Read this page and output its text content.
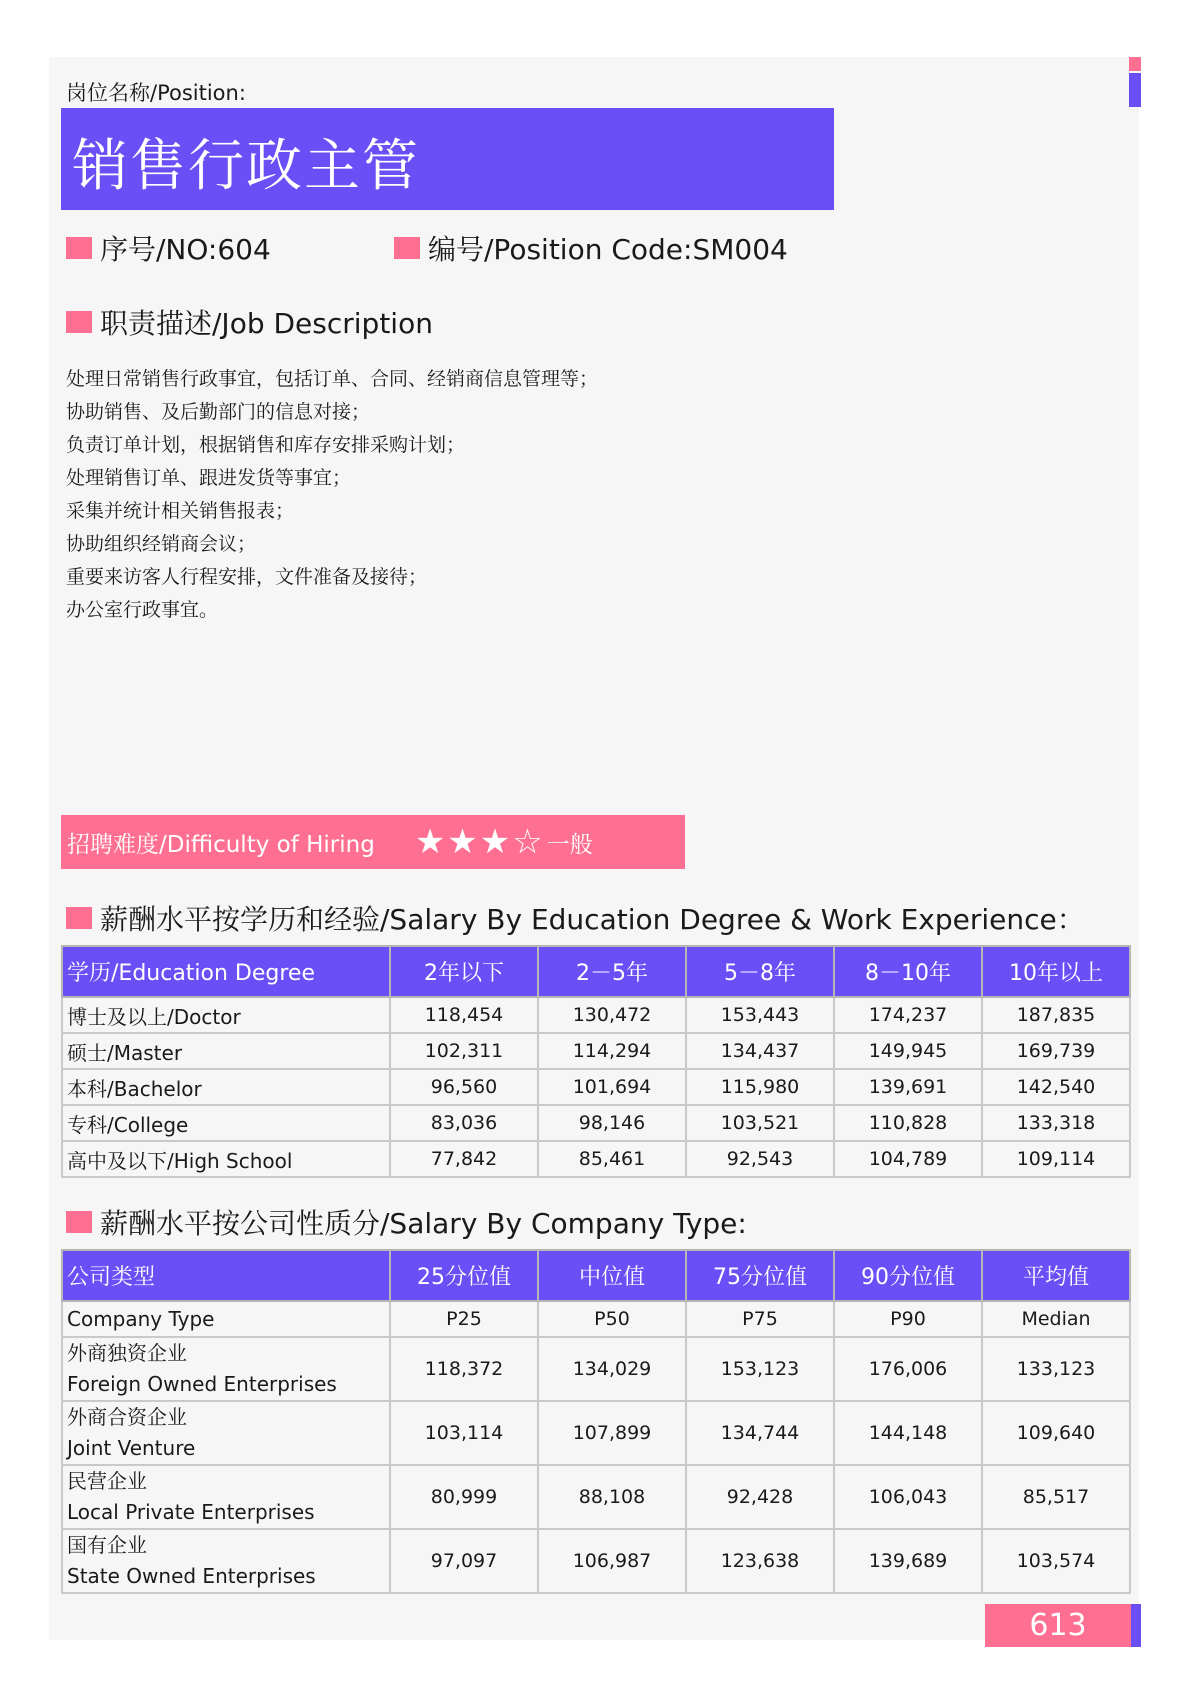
岗位名称/Position:
销售行政主管
序号/NO:604	编号/Position Code:SM004
职责描述/Job Description
处理日常销售行政事宜，包括订单、合同、经销商信息管理等；
协助销售、及后勤部门的信息对接；
负责订单计划，根据销售和库存安排采购计划；
处理销售订单、跟进发货等事宜；
采集并统计相关销售报表；
协助组织经销商会议；
重要来访客人行程安排，文件准备及接待；
办公室行政事宜。
招聘难度/Difficulty of Hiring ★★★☆ 一般
薪酬水平按学历和经验/Salary By Education Degree & Work Experience：
学历/Education Degree	2年以下	2－5年	5－8年	8－10年	10年以上
博士及以上/Doctor	118,454	130,472	153,443	174,237	187,835
硕士/Master	102,311	114,294	134,437	149,945	169,739
本科/Bachelor	96,560	101,694	115,980	139,691	142,540
专科/College	83,036	98,146	103,521	110,828	133,318
高中及以下/High School	77,842	85,461	92,543	104,789	109,114
薪酬水平按公司性质分/Salary By Company Type:
公司类型	25分位值	中位值	75分位值	90分位值	平均值
Company Type	P25	P50	P75	P90	Median

外商独资企业
Foreign Owned Enterprises	118,372	134,029	153,123	176,006	133,123

外商合资企业
Joint Venture	103,114	107,899	134,744	144,148	109,640

民营企业
Local Private Enterprises	80,999	88,108	92,428	106,043	85,517

国有企业
State Owned Enterprises	97,097	106,987	123,638	139,689	103,574
613
